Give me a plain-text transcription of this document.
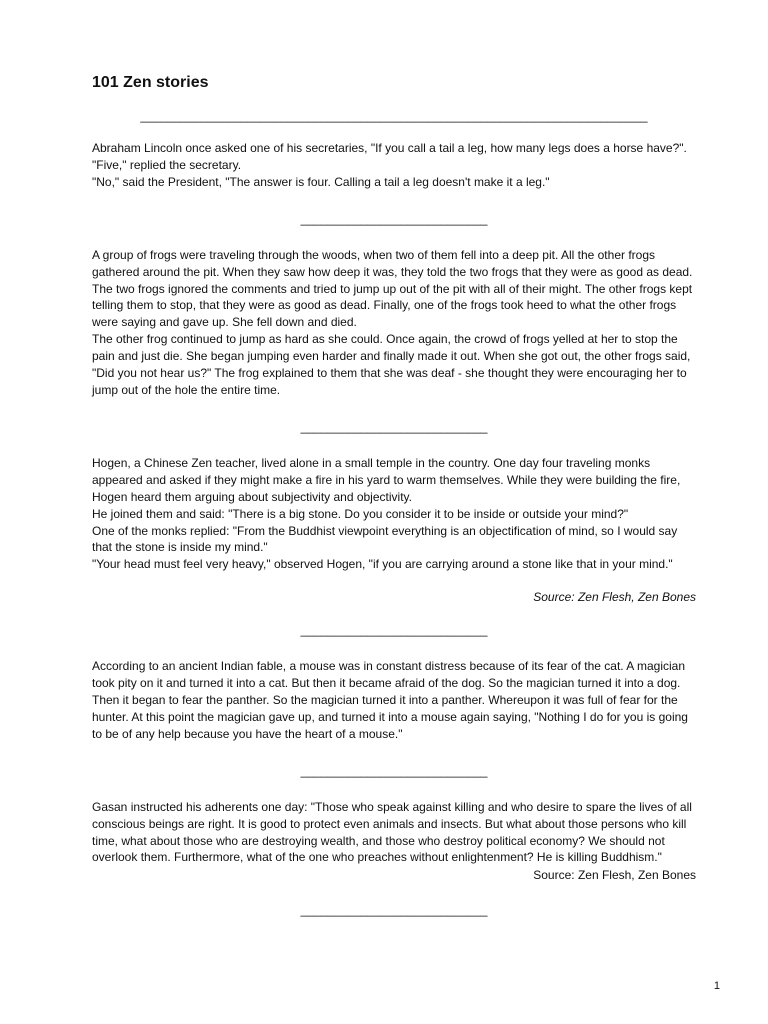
101 Zen stories
____________________________________________________________________________

Abraham Lincoln once asked one of his secretaries, "If you call a tail a leg, how many legs does a horse have?".

"Five," replied the secretary.

"No," said the President, "The answer is four. Calling a tail a leg doesn't make it a leg."

____________________________

A group of frogs were traveling through the woods, when two of them fell into a deep pit. All the other frogs gathered around the pit. When they saw how deep it was, they told the two frogs that they were as good as dead.

The two frogs ignored the comments and tried to jump up out of the pit with all of their might. The other frogs kept telling them to stop, that they were as good as dead. Finally, one of the frogs took heed to what the other frogs were saying and gave up. She fell down and died.

The other frog continued to jump as hard as she could. Once again, the crowd of frogs yelled at her to stop the pain and just die. She began jumping even harder and finally made it out. When she got out, the other frogs said, "Did you not hear us?" The frog explained to them that she was deaf - she thought they were encouraging her to jump out of the hole the entire time.

____________________________

Hogen, a Chinese Zen teacher, lived alone in a small temple in the country. One day four traveling monks appeared and asked if they might make a fire in his yard to warm themselves. While they were building the fire, Hogen heard them arguing about subjectivity and objectivity.

He joined them and said: "There is a big stone. Do you consider it to be inside or outside your mind?"

One of the monks replied: "From the Buddhist viewpoint everything is an objectification of mind, so I would say that the stone is inside my mind."

"Your head must feel very heavy," observed Hogen, "if you are carrying around a stone like that in your mind."

Source: Zen Flesh, Zen Bones
____________________________

According to an ancient Indian fable, a mouse was in constant distress because of its fear of the cat. A magician took pity on it and turned it into a cat. But then it became afraid of the dog. So the magician turned it into a dog. Then it began to fear the panther. So the magician turned it into a panther. Whereupon it was full of fear for the hunter. At this point the magician gave up, and turned it into a mouse again saying, "Nothing I do for you is going to be of any help because you have the heart of a mouse."

____________________________

Gasan instructed his adherents one day: "Those who speak against killing and who desire to spare the lives of all conscious beings are right. It is good to protect even animals and insects. But what about those persons who kill time, what about those who are destroying wealth, and those who destroy political economy? We should not overlook them. Furthermore, what of the one who preaches without enlightenment? He is killing Buddhism."

Source: Zen Flesh, Zen Bones
____________________________
1
